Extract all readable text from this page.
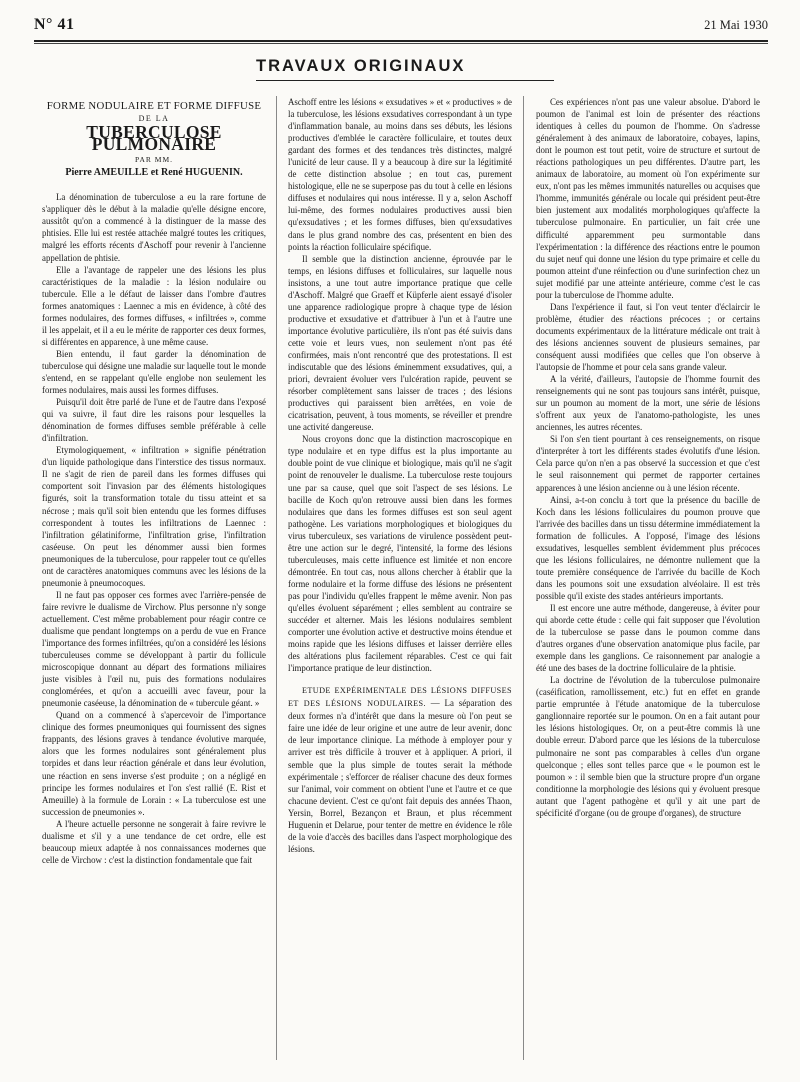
N° 41	21 Mai 1930
TRAVAUX ORIGINAUX
FORME NODULAIRE ET FORME DIFFUSE
DE LA
TUBERCULOSE PULMONAIRE
PAR MM.
Pierre AMEUILLE et René HUGUENIN.

La dénomination de tuberculose a eu la rare fortune de s'appliquer dès le début à la maladie qu'elle désigne encore, aussitôt qu'on a commencé à la distinguer de la masse des phtisies. Elle lui est restée attachée malgré toutes les critiques, malgré les efforts récents d'Aschoff pour revenir à l'ancienne appellation de phtisie.

Elle a l'avantage de rappeler une des lésions les plus caractéristiques de la maladie : la lésion nodulaire ou tubercule. Elle a le défaut de laisser dans l'ombre d'autres formes anatomiques : Laennec a mis en évidence, à côté des formes nodulaires, des formes diffuses, « infiltrées », comme il les appelait, et il a eu le mérite de rapporter ces deux formes, si différentes en apparence, à une même cause.

Bien entendu, il faut garder la dénomination de tuberculose qui désigne une maladie sur laquelle tout le monde s'entend, en se rappelant qu'elle englobe non seulement les formes nodulaires, mais aussi les formes diffuses.

Puisqu'il doit être parlé de l'une et de l'autre dans l'exposé qui va suivre, il faut dire les raisons pour lesquelles la dénomination de formes diffuses semble préférable à celle d'infiltration.

Etymologiquement, « infiltration » signifie pénétration d'un liquide pathologique dans l'interstice des tissus normaux. Il ne s'agit de rien de pareil dans les formes diffuses qui comportent soit l'invasion par des éléments histologiques figurés, soit la transformation totale du tissu atteint et sa nécrose ; mais qu'il soit bien entendu que les formes diffuses correspondent à toutes les infiltrations de Laennec : l'infiltration gélatiniforme, l'infiltration grise, l'infiltration caséeuse. On peut les dénommer aussi bien formes pneumoniques de la tuberculose, pour rappeler tout ce qu'elles ont de caractères anatomiques communs avec les lésions de la pneumonie à pneumocoques.

Il ne faut pas opposer ces formes avec l'arrière-pensée de faire revivre le dualisme de Virchow. Plus personne n'y songe actuellement. C'est même probablement pour réagir contre ce dualisme que pendant longtemps on a perdu de vue en France l'importance des formes infiltrées, qu'on a considéré les lésions tuberculeuses comme se développant à partir du follicule microscopique donnant au départ des formations miliaires juste visibles à l'œil nu, puis des formations nodulaires conglomérées, et qu'on a accueilli avec faveur, pour la pneumonie caséeuse, la dénomination de « tubercule géant. »

Quand on a commencé à s'apercevoir de l'importance clinique des formes pneumoniques qui fournissent des signes frappants, des lésions graves à tendance évolutive marquée, alors que les formes nodulaires sont généralement plus torpides et dans leur réaction générale et dans leur évolution, une réaction en sens inverse s'est produite ; on a négligé en principe les formes nodulaires et l'on s'est rallié (E. Rist et Ameuille) à la formule de Lorain : « La tuberculose est une succession de pneumonies ».

A l'heure actuelle personne ne songerait à faire revivre le dualisme et s'il y a une tendance de cet ordre, elle est beaucoup mieux adaptée à nos connaissances modernes que celle de Virchow : c'est la distinction fondamentale que fait

Aschoff entre les lésions « exsudatives » et « productives » de la tuberculose, les lésions exsudatives correspondant à un type d'inflammation banale, au moins dans ses débuts, les lésions productives d'emblée le caractère folliculaire, et toutes deux gardant des formes et des tendances très distinctes, malgré l'unicité de leur cause. Il y a beaucoup à dire sur la légitimité de cette distinction absolue ; en tout cas, purement histologique, elle ne se superpose pas du tout à celle en lésions diffuses et nodulaires qui nous intéresse. Il y a, selon Aschoff lui-même, des formes nodulaires productives aussi bien qu'exsudatives ; et les formes diffuses, bien qu'exsudatives dans le plus grand nombre des cas, présentent en bien des points la réaction folliculaire spécifique.

Il semble que la distinction ancienne, éprouvée par le temps, en lésions diffuses et folliculaires, sur laquelle nous insistons, a une tout autre importance pratique que celle d'Aschoff. Malgré que Graeff et Küpferle aient essayé d'isoler une apparence radiologique propre à chaque type de lésion productive et exsudative et d'attribuer à l'un et à l'autre une importance évolutive particulière, ils n'ont pas été suivis dans cette voie et leurs vues, non seulement n'ont pas été confirmées, mais n'ont rencontré que des protestations. Il est indiscutable que des lésions éminemment exsudatives, qui, a priori, devraient évoluer vers l'ulcération rapide, peuvent se résorber complètement sans laisser de traces ; des lésions productives qui paraissent bien arrêtées, en voie de cicatrisation, peuvent, à tous moments, se réveiller et prendre une activité dangereuse.

Nous croyons donc que la distinction macroscopique en type nodulaire et en type diffus est la plus importante au double point de vue clinique et biologique, mais qu'il ne s'agit point de renouveler le dualisme. La tuberculose reste toujours une par sa cause, quel que soit l'aspect de ses lésions. Le bacille de Koch qu'on retrouve aussi bien dans les formes nodulaires que dans les formes diffuses est son seul agent pathogène. Les variations morphologiques et biologiques du virus tuberculeux, ses variations de virulence possèdent peut-être une action sur le degré, l'intensité, la forme des lésions tuberculeuses, mais cette influence est limitée et non encore démontrée. En tout cas, nous allons chercher à établir que la forme nodulaire et la forme diffuse des lésions ne présentent pas pour l'individu qu'elles frappent le même avenir. Non pas qu'elles évoluent séparément ; elles semblent au contraire se succéder et alterner. Mais les lésions nodulaires semblent comporter une évolution active et destructive moins étendue et moins rapide que les lésions diffuses et laisser derrière elles des altérations plus facilement réparables. C'est ce qui fait l'importance pratique de leur distinction.

ETUDE EXPÉRIMENTALE DES LÉSIONS DIFFUSES ET DES LÉSIONS NODULAIRES. — La séparation des deux formes n'a d'intérêt que dans la mesure où l'on peut se faire une idée de leur origine et une autre de leur avenir, donc de leur importance clinique. La méthode à employer pour y arriver est très difficile à trouver et à appliquer. A priori, il semble que la plus simple de toutes serait la méthode expérimentale ; s'efforcer de réaliser chacune des deux formes sur l'animal, voir comment on obtient l'une et l'autre et ce que chacune devient. C'est ce qu'ont fait depuis des années Thaon, Yersin, Borrel, Bezançon et Braun, et plus récemment Huguenin et Delarue, pour tenter de mettre en évidence le rôle de la voie d'accès des bacilles dans l'aspect morphologique des lésions.

Ces expériences n'ont pas une valeur absolue. D'abord le poumon de l'animal est loin de présenter des réactions identiques à celles du poumon de l'homme. On s'adresse généralement à des animaux de laboratoire, cobayes, lapins, dont le poumon est tout petit, voire de structure et surtout de réactions pathologiques un peu différentes. D'autre part, les animaux de laboratoire, au moment où l'on expérimente sur eux, n'ont pas les mêmes immunités naturelles ou acquises que l'homme, immunités générale ou locale qui président peut-être bien justement aux modalités morphologiques qu'affecte la tuberculose pulmonaire. En particulier, un fait crée une difficulté apparemment peu surmontable dans l'expérimentation : la différence des réactions entre le poumon du sujet neuf qui donne une lésion du type primaire et celle du poumon atteint d'une réinfection ou d'une surinfection chez un sujet modifié par une atteinte antérieure, comme c'est le cas pour la tuberculose de l'homme adulte.

Dans l'expérience il faut, si l'on veut tenter d'éclaircir le problème, étudier des réactions précoces ; or certains documents expérimentaux de la littérature médicale ont trait à des lésions anciennes souvent de plusieurs semaines, par conséquent aussi modifiées que celles que l'on observe à l'autopsie de l'homme et pour cela sans grande valeur.

A la vérité, d'ailleurs, l'autopsie de l'homme fournit des renseignements qui ne sont pas toujours sans intérêt, puisque, sur un poumon au moment de la mort, une série de lésions s'offrent aux yeux de l'anatomo-pathologiste, les unes anciennes, les autres récentes.

Si l'on s'en tient pourtant à ces renseignements, on risque d'interpréter à tort les différents stades évolutifs d'une lésion. Cela parce qu'on n'en a pas observé la succession et que c'est le seul raisonnement qui permet de rapporter certaines apparences à une lésion ancienne ou à une lésion récente.

Ainsi, a-t-on conclu à tort que la présence du bacille de Koch dans les lésions folliculaires du poumon prouve que l'arrivée des bacilles dans un tissu détermine immédiatement la formation de follicules. A l'opposé, l'image des lésions exsudatives, lesquelles semblent évidemment plus précoces que les lésions folliculaires, ne démontre nullement que la toute première conséquence de l'arrivée du bacille de Koch dans les poumons soit une exsudation alvéolaire. Il est très possible qu'il existe des stades antérieurs importants.

Il est encore une autre méthode, dangereuse, à éviter pour qui aborde cette étude : celle qui fait supposer que l'évolution de la tuberculose se passe dans le poumon comme dans d'autres organes d'une observation anatomique plus facile, par exemple dans les ganglions. Ce raisonnement par analogie a été une des bases de la doctrine folliculaire de la phtisie.

La doctrine de l'évolution de la tuberculose pulmonaire (caséification, ramollissement, etc.) fut en effet en grande partie empruntée à l'étude anatomique de la tuberculose ganglionnaire reportée sur le poumon. On en a fait autant pour les lésions histologiques. Or, on a peut-être commis là une double erreur. D'abord parce que les lésions de la tuberculose pulmonaire ne sont pas comparables à celles d'un organe quelconque ; elles sont telles parce que « le poumon est le poumon » : il semble bien que la structure propre d'un organe conditionne la morphologie des lésions qui y évoluent presque autant que l'agent pathogène et qu'il y ait une part de spécificité d'organe (ou de groupe d'organes), de structure
